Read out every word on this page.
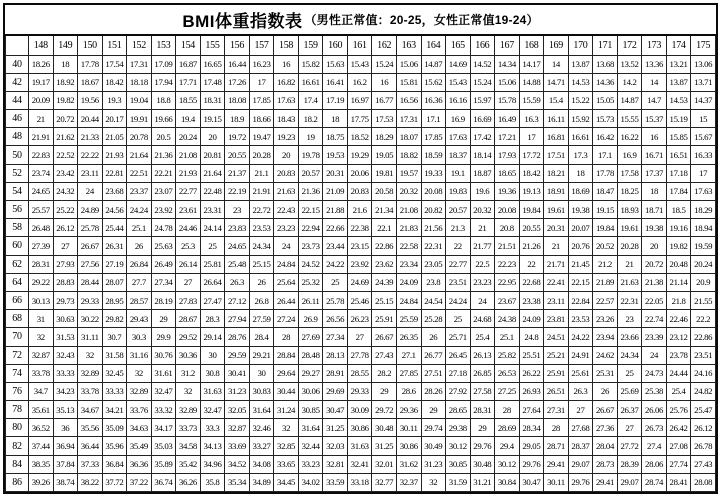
BMI体重指数表 （男性正常值：20-25，女性正常值19-24）
	148	149	150	151	152	153	154	155	156	157	158	159	160	161	162	163	164	165	166	167	168	169	170	171	172	173	174	175
40	18.26	18	17.78	17.54	17.31	17.09	16.87	16.65	16.44	16.23	16	15.82	15.63	15.43	15.24	15.06	14.87	14.69	14.52	14.34	14.17	14	13.87	13.68	13.52	13.36	13.21	13.06
42	19.17	18.92	18.67	18.42	18.18	17.94	17.71	17.48	17.26	17	16.82	16.61	16.41	16.2	16	15.81	15.62	15.43	15.24	15.06	14.88	14.71	14.53	14.36	14.2	14	13.87	13.71
44	20.09	19.82	19.56	19.3	19.04	18.8	18.55	18.31	18.08	17.85	17.63	17.4	17.19	16.97	16.77	16.56	16.36	16.16	15.97	15.78	15.59	15.4	15.22	15.05	14.87	14.7	14.53	14.37
46	21	20.72	20.44	20.17	19.91	19.66	19.4	19.15	18.9	18.66	18.43	18.2	18	17.75	17.53	17.31	17.1	16.9	16.69	16.49	16.3	16.11	15.92	15.73	15.55	15.37	15.19	15
48	21.91	21.62	21.33	21.05	20.78	20.5	20.24	20	19.72	19.47	19.23	19	18.75	18.52	18.29	18.07	17.85	17.63	17.42	17.21	17	16.81	16.61	16.42	16.22	16	15.85	15.67
50	22.83	22.52	22.22	21.93	21.64	21.36	21.08	20.81	20.55	20.28	20	19.78	19.53	19.29	19.05	18.82	18.59	18.37	18.14	17.93	17.72	17.51	17.3	17.1	16.9	16.71	16.51	16.33
52	23.74	23.42	23.11	22.81	22.51	22.21	21.93	21.64	21.37	21.1	20.83	20.57	20.31	20.06	19.81	19.57	19.33	19.1	18.87	18.65	18.42	18.21	18	17.78	17.58	17.37	17.18	17
54	24.65	24.32	24	23.68	23.37	23.07	22.77	22.48	22.19	21.91	21.63	21.36	21.09	20.83	20.58	20.32	20.08	19.83	19.6	19.36	19.13	18.91	18.69	18.47	18.25	18	17.84	17.63
56	25.57	25.22	24.89	24.56	24.24	23.92	23.61	23.31	23	22.72	22.43	22.15	21.88	21.6	21.34	21.08	20.82	20.57	20.32	20.08	19.84	19.61	19.38	19.15	18.93	18.71	18.5	18.29
58	26.48	26.12	25.78	25.44	25.1	24.78	24.46	24.14	23.83	23.53	23.23	22.94	22.66	22.38	22.1	21.83	21.56	21.3	21	20.8	20.55	20.31	20.07	19.84	19.61	19.38	19.16	18.94
60	27.39	27	26.67	26.31	26	25.63	25.3	25	24.65	24.34	24	23.73	23.44	23.15	22.86	22.58	22.31	22	21.77	21.51	21.26	21	20.76	20.52	20.28	20	19.82	19.59
62	28.31	27.93	27.56	27.19	26.84	26.49	26.14	25.81	25.48	25.15	24.84	24.52	24.22	23.92	23.62	23.34	23.05	22.77	22.5	22.23	22	21.71	21.45	21.2	21	20.72	20.48	20.24
64	29.22	28.83	28.44	28.07	27.7	27.34	27	26.64	26.3	26	25.64	25.32	25	24.69	24.39	24.09	23.8	23.51	23.23	22.95	22.68	22.41	22.15	21.89	21.63	21.38	21.14	20.9
66	30.13	29.73	29.33	28.95	28.57	28.19	27.83	27.47	27.12	26.8	26.44	26.11	25.78	25.46	25.15	24.84	24.54	24.24	24	23.67	23.38	23.11	22.84	22.57	22.31	22.05	21.8	21.55
68	31	30.63	30.22	29.82	29.43	29	28.67	28.3	27.94	27.59	27.24	26.9	26.56	26.23	25.91	25.59	25.28	25	24.68	24.38	24.09	23.81	23.53	23.26	23	22.74	22.46	22.2
70	32	31.53	31.11	30.7	30.3	29.9	29.52	29.14	28.76	28.4	28	27.69	27.34	27	26.67	26.35	26	25.71	25.4	25.1	24.8	24.51	24.22	23.94	23.66	23.39	23.12	22.86
72	32.87	32.43	32	31.58	31.16	30.76	30.36	30	29.59	29.21	28.84	28.48	28.13	27.78	27.43	27.1	26.77	26.45	26.13	25.82	25.51	25.21	24.91	24.62	24.34	24	23.78	23.51
74	33.78	33.33	32.89	32.45	32	31.61	31.2	30.8	30.41	30	29.64	29.27	28.91	28.55	28.2	27.85	27.51	27.18	26.85	26.53	26.22	25.91	25.61	25.31	25	24.73	24.44	24.16
76	34.7	34.23	33.78	33.33	32.89	32.47	32	31.63	31.23	30.83	30.44	30.06	29.69	29.33	29	28.6	28.26	27.92	27.58	27.25	26.93	26.51	26.3	26	25.69	25.38	25.4	24.82
78	35.61	35.13	34.67	34.21	33.76	33.32	32.89	32.47	32.05	31.64	31.24	30.85	30.47	30.09	29.72	29.36	29	28.65	28.31	28	27.64	27.31	27	26.67	26.37	26.06	25.76	25.47
80	36.52	36	35.56	35.09	34.63	34.17	33.73	33.3	32.87	32.46	32	31.64	31.25	30.86	30.48	30.11	29.74	29.38	29	28.69	28.34	28	27.68	27.36	27	26.73	26.42	26.12
82	37.44	36.94	36.44	35.96	35.49	35.03	34.58	34.13	33.69	33.27	32.85	32.44	32.03	31.63	31.25	30.86	30.49	30.12	29.76	29.4	29.05	28.71	28.37	28.04	27.72	27.4	27.08	26.78
84	38.35	37.84	37.33	36.84	36.36	35.89	35.42	34.96	34.52	34.08	33.65	33.23	32.81	32.41	32.01	31.62	31.23	30.85	30.48	30.12	29.76	29.41	29.07	28.73	28.39	28.06	27.74	27.43
86	39.26	38.74	38.22	37.72	37.22	36.74	36.26	35.8	35.34	34.89	34.45	34.02	33.59	33.18	32.77	32.37	32	31.59	31.21	30.84	30.47	30.11	29.76	29.41	29.07	28.74	28.41	28.08
